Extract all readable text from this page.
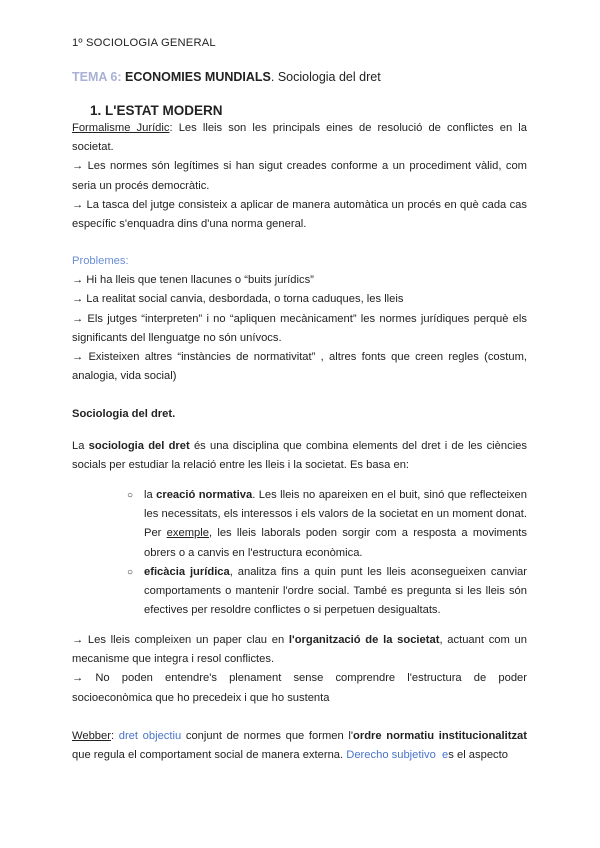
1º SOCIOLOGIA GENERAL
TEMA 6: ECONOMIES MUNDIALS. Sociologia del dret
1. L'ESTAT MODERN
Formalisme Jurídic: Les lleis son les principals eines de resolució de conflictes en la societat.
→ Les normes són legítimes si han sigut creades conforme a un procediment vàlid, com seria un procés democràtic.
→ La tasca del jutge consisteix a aplicar de manera automàtica un procés en què cada cas específic s'enquadra dins d'una norma general.
Problemes:
→ Hi ha lleis que tenen llacunes o “buits jurídics”
→ La realitat social canvia, desbordada, o torna caduques, les lleis
→ Els jutges “interpreten” i no “apliquen mecànicament” les normes jurídiques perquè els significants del llenguatge no són unívocs.
→ Existeixen altres “instàncies de normativitat” , altres fonts que creen regles (costum, analogia, vida social)
Sociologia del dret.
La sociologia del dret és una disciplina que combina elements del dret i de les ciències socials per estudiar la relació entre les lleis i la societat. Es basa en:
○ la creació normativa. Les lleis no apareixen en el buit, sinó que reflecteixen les necessitats, els interessos i els valors de la societat en un moment donat. Per exemple, les lleis laborals poden sorgir com a resposta a moviments obrers o a canvis en l'estructura econòmica.
○ eficàcia jurídica, analitza fins a quin punt les lleis aconsegueixen canviar comportaments o mantenir l'ordre social. També es pregunta si les lleis són efectives per resoldre conflictes o si perpetuen desigualtats.
→ Les lleis compleixen un paper clau en l'organització de la societat, actuant com un mecanisme que integra i resol conflictes.
→ No poden entendre's plenament sense comprendre l'estructura de poder socioeconòmica que ho precedeix i que ho sustenta
Webber: dret objectiu conjunt de normes que formen l'ordre normatiu institucionalitzat que regula el comportament social de manera externa. Derecho subjetivo es el aspecto
